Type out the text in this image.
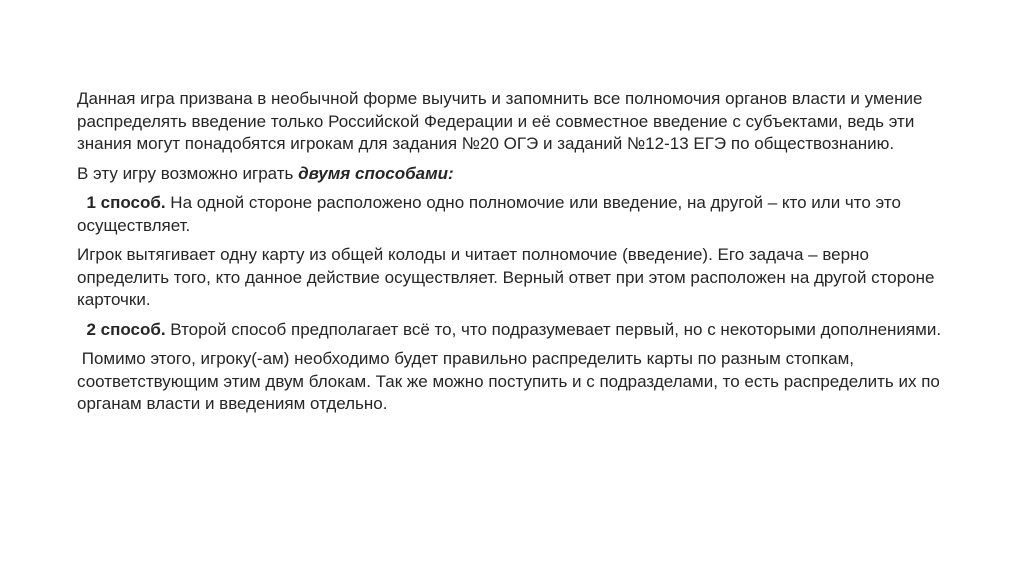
Данная игра призвана в необычной форме выучить и запомнить все полномочия органов власти и умение распределять введение только Российской Федерации и её совместное введение с субъектами, ведь эти знания могут понадобятся игрокам для задания №20 ОГЭ и заданий №12-13 ЕГЭ по обществознанию.

В эту игру возможно играть двумя способами:

1 способ. На одной стороне расположено одно полномочие или введение, на другой – кто или что это осуществляет.

Игрок вытягивает одну карту из общей колоды и читает полномочие (введение). Его задача – верно определить того, кто данное действие осуществляет. Верный ответ при этом расположен на другой стороне карточки.

2 способ. Второй способ предполагает всё то, что подразумевает первый, но с некоторыми дополнениями.

Помимо этого, игроку(-ам) необходимо будет правильно распределить карты по разным стопкам, соответствующим этим двум блокам. Так же можно поступить и с подразделами, то есть распределить их по органам власти и введениям отдельно.
